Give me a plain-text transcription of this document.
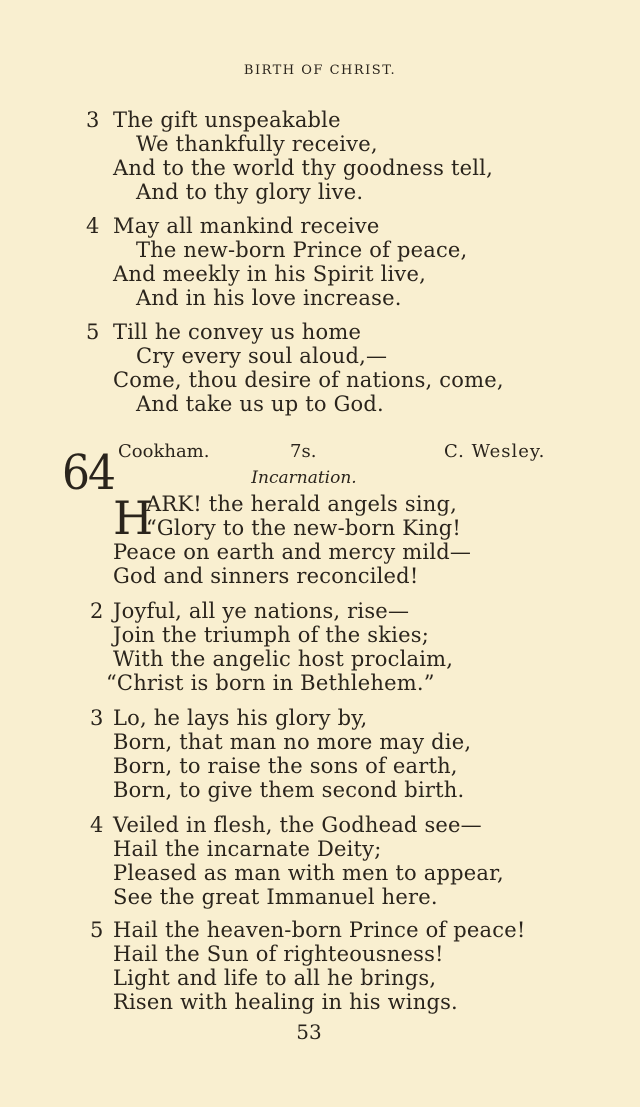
BIRTH OF CHRIST.
3 The gift unspeakable
We thankfully receive,
And to the world thy goodness tell,
And to thy glory live.
4 May all mankind receive
The new-born Prince of peace,
And meekly in his Spirit live,
And in his love increase.
5 Till he convey us home
Cry every soul aloud,—
Come, thou desire of nations, come,
And take us up to God.
64 Cookham.	7s.	C. Wesley.
Incarnation.
H
ARK! the herald angels sing,
“Glory to the new-born King!
Peace on earth and mercy mild—
God and sinners reconciled!
2 Joyful, all ye nations, rise—
Join the triumph of the skies;
With the angelic host proclaim,
“Christ is born in Bethlehem.”
3 Lo, he lays his glory by,
Born, that man no more may die,
Born, to raise the sons of earth,
Born, to give them second birth.
4 Veiled in flesh, the Godhead see—
Hail the incarnate Deity;
Pleased as man with men to appear,
See the great Immanuel here.
5 Hail the heaven-born Prince of peace!
Hail the Sun of righteousness!
Light and life to all he brings,
Risen with healing in his wings.
53
